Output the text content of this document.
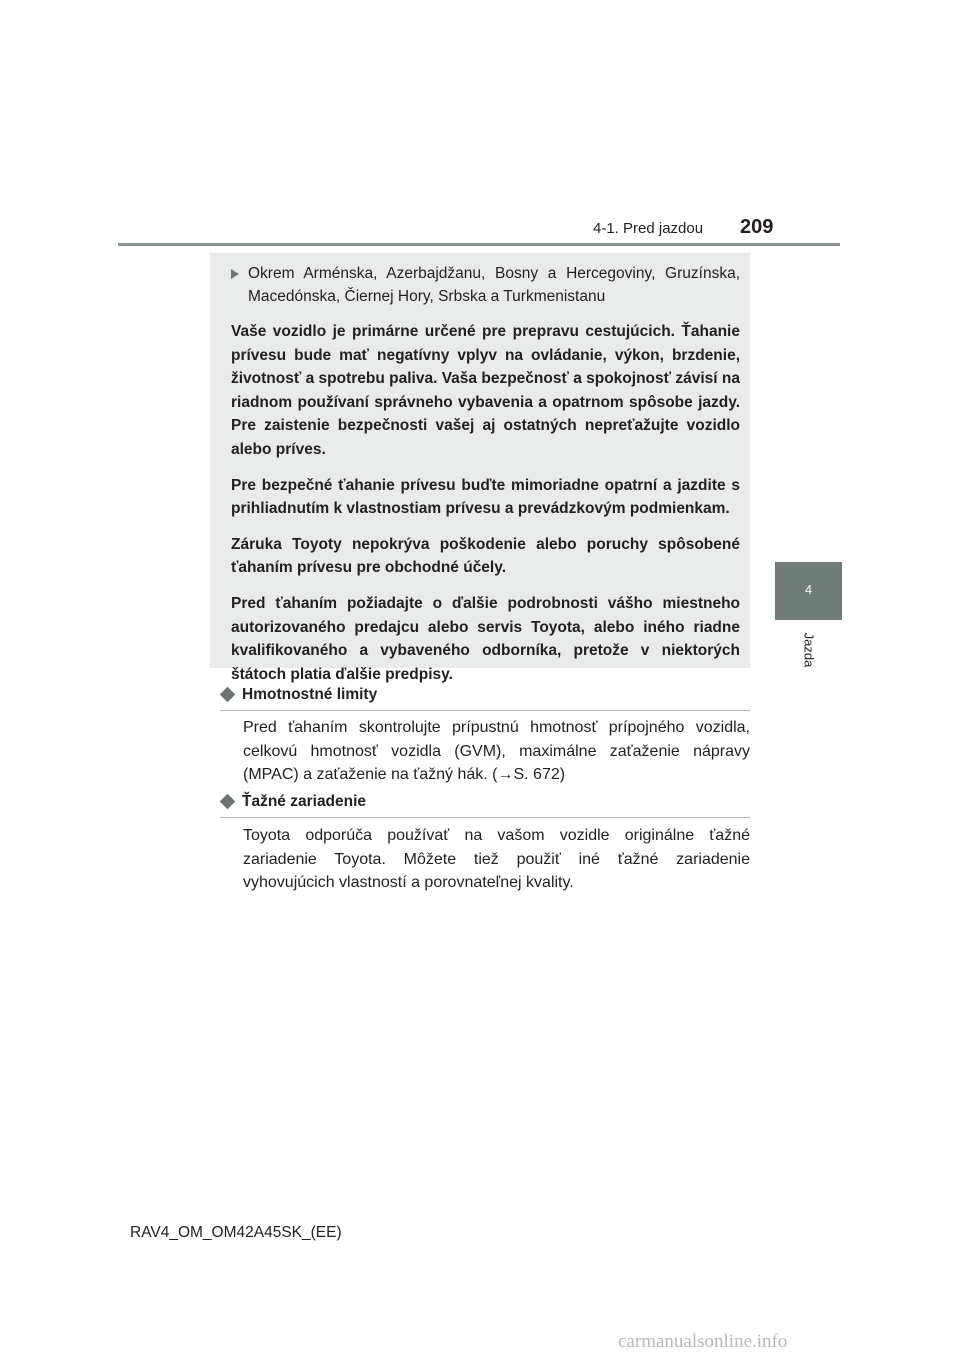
4-1. Pred jazdou 209
4
Jazda
Okrem Arménska, Azerbajdžanu, Bosny a Hercegoviny, Gruzínska, Macedónska, Čiernej Hory, Srbska a Turkmenistanu
Vaše vozidlo je primárne určené pre prepravu cestujúcich. Ťahanie prívesu bude mať negatívny vplyv na ovládanie, výkon, brzdenie, životnosť a spotrebu paliva. Vaša bezpečnosť a spokojnosť závisí na riadnom používaní správneho vybavenia a opatrnom spôsobe jazdy. Pre zaistenie bezpečnosti vašej aj ostatných nepreťažujte vozidlo alebo príves.
Pre bezpečné ťahanie prívesu buďte mimoriadne opatrní a jazdite s prihliadnutím k vlastnostiam prívesu a prevádzkovým podmienkam.
Záruka Toyoty nepokrýva poškodenie alebo poruchy spôsobené ťahaním prívesu pre obchodné účely.
Pred ťahaním požiadajte o ďalšie podrobnosti vášho miestneho autorizovaného predajcu alebo servis Toyota, alebo iného riadne kvalifikovaného a vybaveného odborníka, pretože v niektorých štátoch platia ďalšie predpisy.
Hmotnostné limity
Pred ťahaním skontrolujte prípustnú hmotnosť prípojného vozidla, celkovú hmotnosť vozidla (GVM), maximálne zaťaženie nápravy (MPAC) a zaťaženie na ťažný hák. (→S. 672)
Ťažné zariadenie
Toyota odporúča používať na vašom vozidle originálne ťažné zariadenie Toyota. Môžete tiež použiť iné ťažné zariadenie vyhovujúcich vlastností a porovnateľnej kvality.
RAV4_OM_OM42A45SK_(EE)
carmanualsonline.info
